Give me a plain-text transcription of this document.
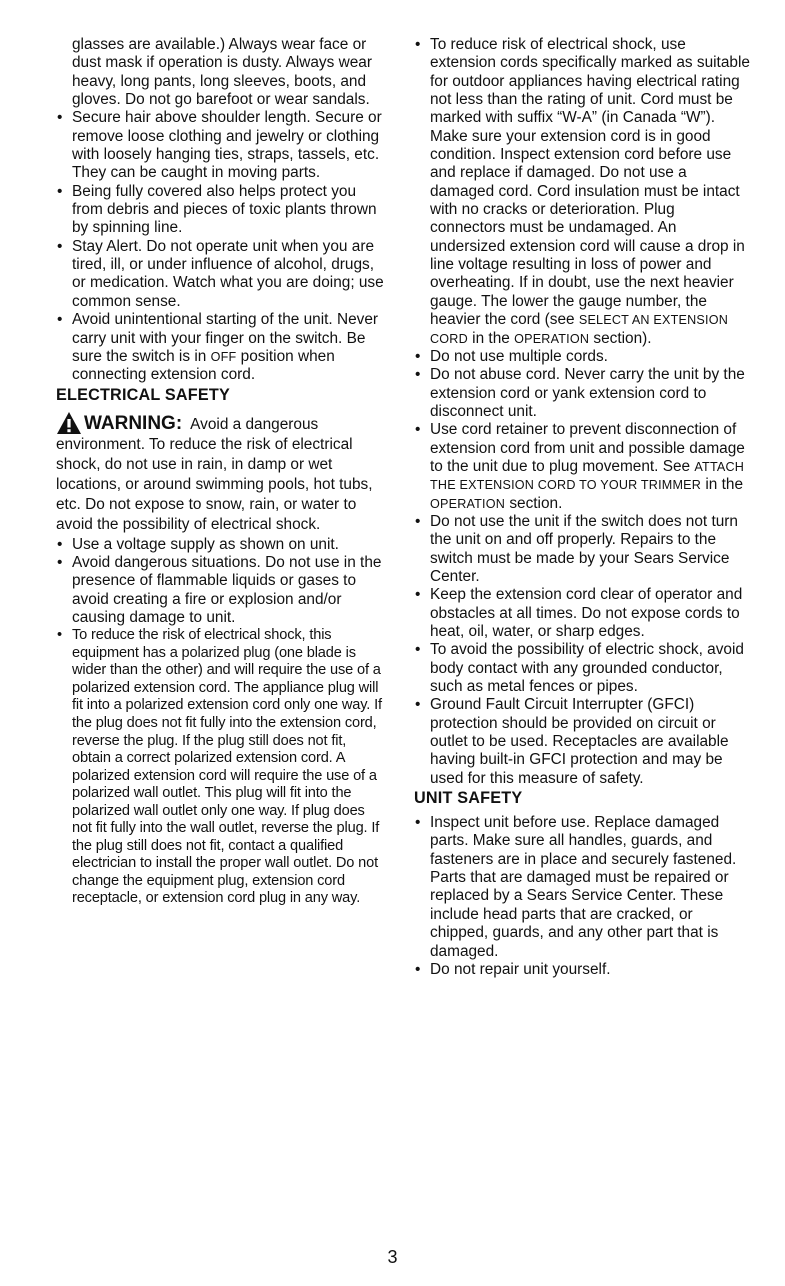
glasses are available.) Always wear face or dust mask if operation is dusty. Always wear heavy, long pants, long sleeves, boots, and gloves. Do not go barefoot or wear sandals.

• Secure hair above shoulder length. Secure or remove loose clothing and jewelry or clothing with loosely hanging ties, straps, tassels, etc. They can be caught in moving parts.

• Being fully covered also helps protect you from debris and pieces of toxic plants thrown by spinning line.

• Stay Alert. Do not operate unit when you are tired, ill, or under influence of alcohol, drugs, or medication. Watch what you are doing; use common sense.

• Avoid unintentional starting of the unit. Never carry unit with your finger on the switch. Be sure the switch is in OFF position when connecting extension cord.

ELECTRICAL SAFETY
WARNING: Avoid a dangerous

environment. To reduce the risk of electrical shock, do not use in rain, in damp or wet locations, or around swimming pools, hot tubs, etc. Do not expose to snow, rain, or water to avoid the possibility of electrical shock.

• Use a voltage supply as shown on unit.

• Avoid dangerous situations. Do not use in the presence of flammable liquids or gases to avoid creating a fire or explosion and/or causing damage to unit.

• To reduce the risk of electrical shock, this equipment has a polarized plug (one blade is wider than the other) and will require the use of a polarized extension cord. The appliance plug will fit into a polarized extension cord only one way. If the plug does not fit fully into the extension cord, reverse the plug. If the plug still does not fit, obtain a correct polarized extension cord. A polarized extension cord will require the use of a polarized wall outlet. This plug will fit into the polarized wall outlet only one way. If plug does not fit fully into the wall outlet, reverse the plug. If the plug still does not fit, contact a qualified electrician to install the proper wall outlet. Do not change the equipment plug, extension cord receptacle, or extension cord plug in any way.

• To reduce risk of electrical shock, use extension cords specifically marked as suitable for outdoor appliances having electrical rating not less than the rating of unit. Cord must be marked with suffix “W-A” (in Canada “W”). Make sure your extension cord is in good condition. Inspect extension cord before use and replace if damaged. Do not use a damaged cord. Cord insulation must be intact with no cracks or deterioration. Plug connectors must be undamaged. An undersized extension cord will cause a drop in line voltage resulting in loss of power and overheating. If in doubt, use the next heavier gauge. The lower the gauge number, the heavier the cord (see SELECT AN EXTENSION CORD in the OPERATION section).

• Do not use multiple cords.

• Do not abuse cord. Never carry the unit by the extension cord or yank extension cord to disconnect unit.

• Use cord retainer to prevent disconnection of extension cord from unit and possible damage to the unit due to plug movement. See ATTACH THE EXTENSION CORD TO YOUR TRIMMER in the OPERATION section.

• Do not use the unit if the switch does not turn the unit on and off properly. Repairs to the switch must be made by your Sears Service Center.

• Keep the extension cord clear of operator and obstacles at all times. Do not expose cords to heat, oil, water, or sharp edges.

• To avoid the possibility of electric shock, avoid body contact with any grounded conductor, such as metal fences or pipes.

• Ground Fault Circuit Interrupter (GFCI) protection should be provided on circuit or outlet to be used. Receptacles are available having built-in GFCI protection and may be used for this measure of safety.

UNIT SAFETY

• Inspect unit before use. Replace damaged parts. Make sure all handles, guards, and fasteners are in place and securely fastened. Parts that are damaged must be repaired or replaced by a Sears Service Center. These include head parts that are cracked, or chipped, guards, and any other part that is damaged.

• Do not repair unit yourself.

3
